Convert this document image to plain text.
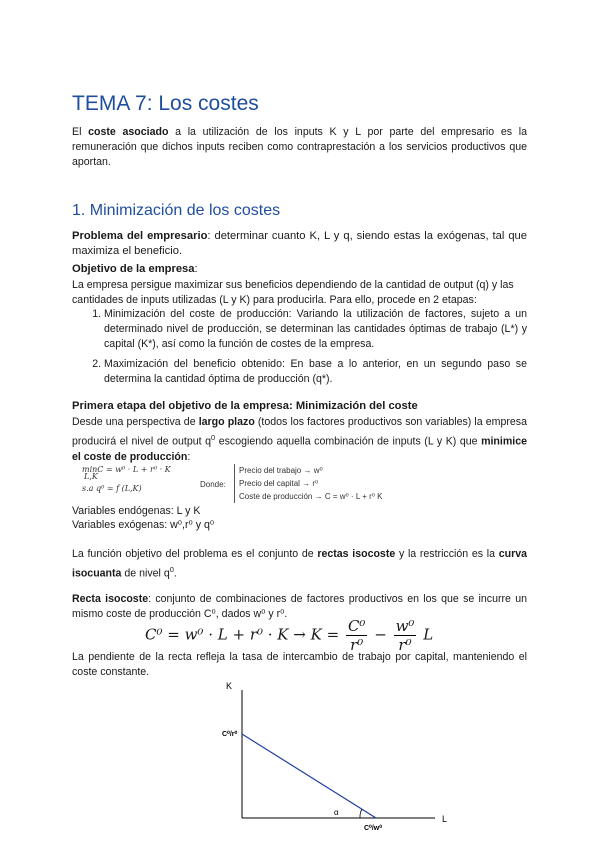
TEMA 7: Los costes
El coste asociado a la utilización de los inputs K y L por parte del empresario es la remuneración que dichos inputs reciben como contraprestación a los servicios productivos que aportan.
1. Minimización de los costes
Problema del empresario: determinar cuanto K, L y q, siendo estas la exógenas, tal que maximiza el beneficio.
Objetivo de la empresa:
La empresa persigue maximizar sus beneficios dependiendo de la cantidad de output (q) y las cantidades de inputs utilizadas (L y K) para producirla. Para ello, procede en 2 etapas:
1. Minimización del coste de producción: Variando la utilización de factores, sujeto a un determinado nivel de producción, se determinan las cantidades óptimas de trabajo (L*) y capital (K*), así como la función de costes de la empresa.
2. Maximización del beneficio obtenido: En base a lo anterior, en un segundo paso se determina la cantidad óptima de producción (q*).
Primera etapa del objetivo de la empresa: Minimización del coste
Desde una perspectiva de largo plazo (todos los factores productivos son variables) la empresa producirá el nivel de output $q^0$ escogiendo aquella combinación de inputs (L y K) que minimice el coste de producción:
minC = w⁰ · L + r⁰ · K
L,K
s.a q⁰ = f (L,K)	Donde:
Precio del trabajo → w⁰
Precio del capital → r⁰
Coste de producción → C = w⁰ · L + r⁰ K
Variables endógenas: L y K
Variables exógenas: w⁰,r⁰ y q⁰
La función objetivo del problema es el conjunto de rectas isocoste y la restricción es la curva isocuanta de nivel $q^0$.
Recta isocoste: conjunto de combinaciones de factores productivos en los que se incurre un mismo coste de producción C⁰, dados w⁰ y r⁰.
$C^0 = w^0 \cdot L + r^0 \cdot K \to K = \frac{\text{C⁰}}{\text{r⁰}} - \frac{\text{w⁰}}{\text{r⁰}}$ L
La pendiente de la recta refleja la tasa de intercambio de trabajo por capital, manteniendo el coste constante.
K
L
C⁰/r⁰
C⁰/w⁰
α
